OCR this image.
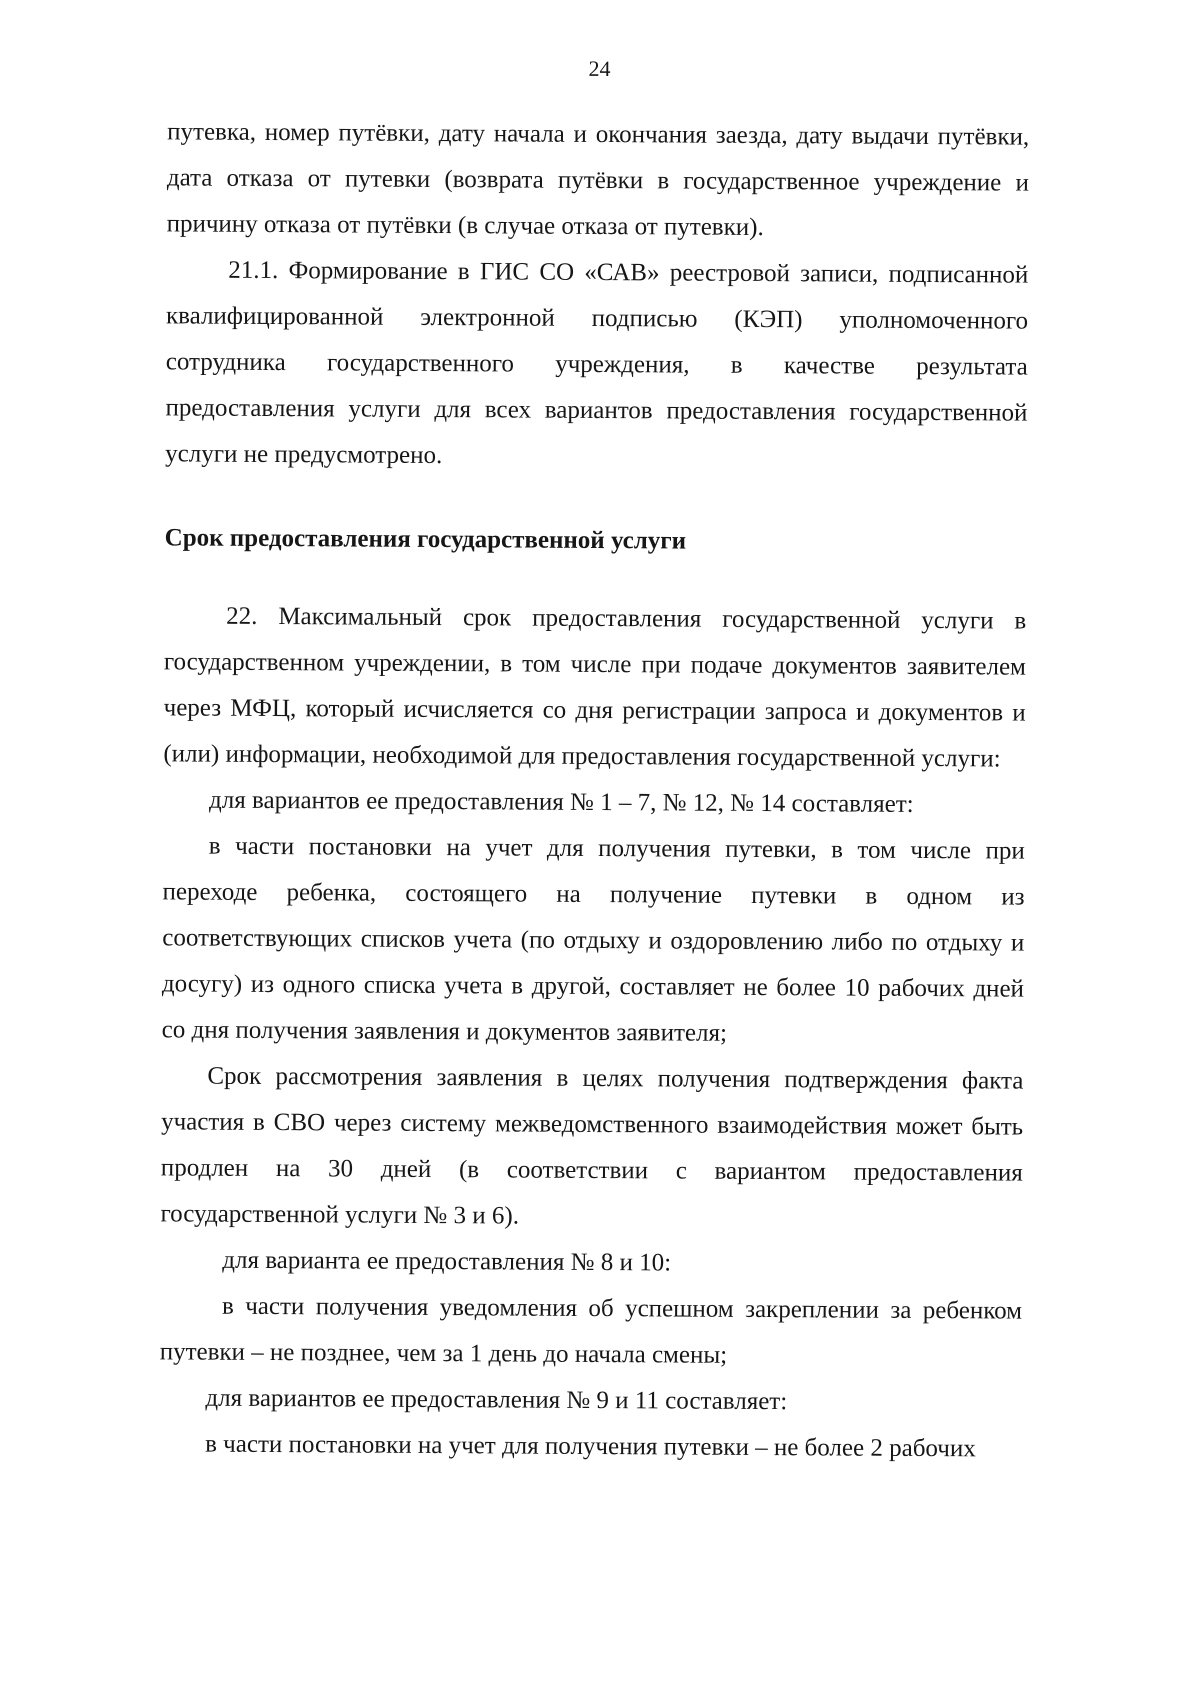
24

путевка, номер путёвки, дату начала и окончания заезда, дату выдачи путёвки, дата отказа от путевки (возврата путёвки в государственное учреждение и причину отказа от путёвки (в случае отказа от путевки).

21.1. Формирование в ГИС СО «САВ» реестровой записи, подписанной квалифицированной электронной подписью (КЭП) уполномоченного сотрудника государственного учреждения, в качестве результата предоставления услуги для всех вариантов предоставления государственной услуги не предусмотрено.

Срок предоставления государственной услуги

22. Максимальный срок предоставления государственной услуги в государственном учреждении, в том числе при подаче документов заявителем через МФЦ, который исчисляется со дня регистрации запроса и документов и (или) информации, необходимой для предоставления государственной услуги:

для вариантов ее предоставления № 1 – 7, № 12, № 14 составляет:

в части постановки на учет для получения путевки, в том числе при переходе ребенка, состоящего на получение путевки в одном из соответствующих списков учета (по отдыху и оздоровлению либо по отдыху и досугу) из одного списка учета в другой, составляет не более 10 рабочих дней со дня получения заявления и документов заявителя;

Срок рассмотрения заявления в целях получения подтверждения факта участия в СВО через систему межведомственного взаимодействия может быть продлен на 30 дней (в соответствии с вариантом предоставления государственной услуги № 3 и 6).

для варианта ее предоставления № 8 и 10:

в части получения уведомления об успешном закреплении за ребенком путевки – не позднее, чем за 1 день до начала смены;

для вариантов ее предоставления № 9 и 11 составляет:

в части постановки на учет для получения путевки – не более 2 рабочих
